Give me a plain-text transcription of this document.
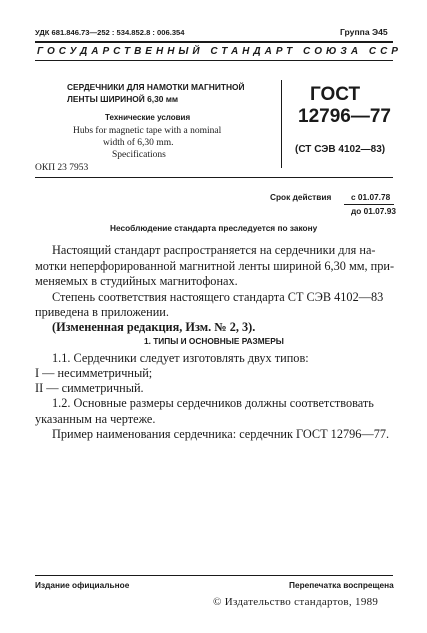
УДК 681.846.73—252 : 534.852.8 : 006.354	Группа Э45
ГОСУДАРСТВЕННЫЙ СТАНДАРТ СОЮЗА ССР
СЕРДЕЧНИКИ ДЛЯ НАМОТКИ МАГНИТНОЙ
ЛЕНТЫ ШИРИНОЙ 6,30 мм
Технические условия
Hubs for magnetic tape with a nominal
width of 6,30 mm.
Specifications
ГОСТ
12796—77
(СТ СЭВ 4102—83)
ОКП 23 7953
Срок действия с 01.07.78
до 01.07.93
Несоблюдение стандарта преследуется по закону
Настоящий стандарт распространяется на сердечники для на-
мотки неперфорированной магнитной ленты шириной 6,30 мм, при-
меняемых в студийных магнитофонах.
Степень соответствия настоящего стандарта СТ СЭВ 4102—83
приведена в приложении.
(Измененная редакция, Изм. № 2, 3).
1. ТИПЫ И ОСНОВНЫЕ РАЗМЕРЫ
1.1. Сердечники следует изготовлять двух типов:
I — несимметричный;
II — симметричный.
1.2. Основные размеры сердечников должны соответствовать
указанным на чертеже.
Пример наименования сердечника: сердечник ГОСТ 12796—77.
Издание официальное	Перепечатка воспрещена
© Издательство стандартов, 1989
